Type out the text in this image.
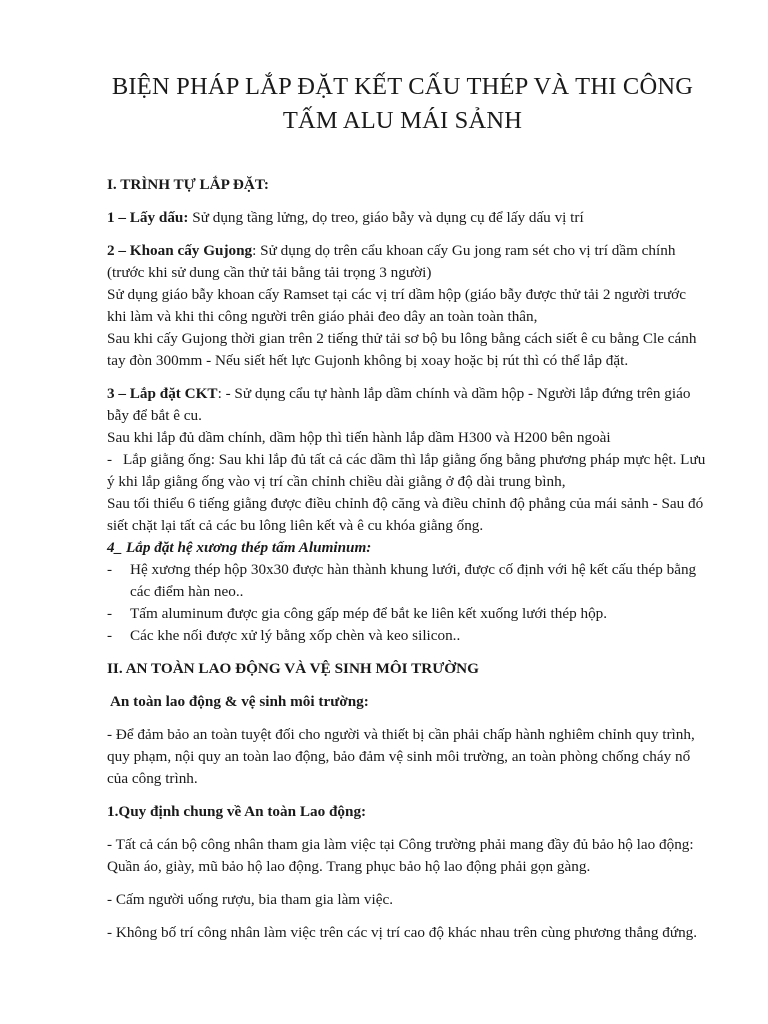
BIỆN PHÁP LẮP ĐẶT KẾT CẤU THÉP VÀ THI CÔNG
TẤM ALU MÁI SẢNH

I. TRÌNH TỰ LẮP ĐẶT:

1 – Lấy dấu: Sử dụng tầng lửng, dọ treo, giáo bẫy và dụng cụ để lấy dấu vị trí

2 – Khoan cấy Gujong: Sử dụng dọ trên cẩu khoan cấy Gu jong ram sét cho vị trí dầm chính (trước khi sử dung cần thử tải bằng tải trọng 3 người)

Sử dụng giáo bẫy khoan cấy Ramset tại các vị trí dầm hộp (giáo bẫy được thử tải 2 người trước khi làm và khi thi công người trên giáo phải đeo dây an toàn toàn thân,

Sau khi cấy Gujong thời gian trên 2 tiếng thử tải sơ bộ bu lông bằng cách siết ê cu bằng Cle cánh tay đòn 300mm - Nếu siết hết lực Gujonh không bị xoay hoặc bị rút thì có thể lắp đặt.

3 – Lắp đặt CKT: - Sử dụng cẩu tự hành lắp dầm chính và dầm hộp - Người lắp đứng trên giáo bẫy để bắt ê cu.

Sau khi lắp đủ dầm chính, dầm hộp thì tiến hành lắp dầm H300 và H200 bên ngoài

- Lắp giằng ống: Sau khi lắp đủ tất cả các dầm thì lắp giằng ống bằng phương pháp mực hệt. Lưu ý khi lắp giằng ống vào vị trí cần chỉnh chiều dài giằng ở độ dài trung bình,

Sau tối thiểu 6 tiếng giằng được điều chỉnh độ căng và điều chỉnh độ phẳng của mái sảnh - Sau đó siết chặt lại tất cả các bu lông liên kết và ê cu khóa giằng ống.

4_ Lắp đặt hệ xương thép tấm Aluminum:

- Hệ xương thép hộp 30x30 được hàn thành khung lưới, được cố định với hệ kết cấu thép bằng các điểm hàn neo..
- Tấm aluminum được gia công gấp mép để bắt ke liên kết xuống lưới thép hộp.
- Các khe nối được xử lý bằng xốp chèn và keo silicon..

II. AN TOÀN LAO ĐỘNG VÀ VỆ SINH MÔI TRƯỜNG

An toàn lao động & vệ sinh môi trường:

- Để đảm bảo an toàn tuyệt đối cho người và thiết bị cần phải chấp hành nghiêm chỉnh quy trình, quy phạm, nội quy an toàn lao động, bảo đảm vệ sinh môi trường, an toàn phòng chống cháy nổ của công trình.

1.Quy định chung về An toàn Lao động:

- Tất cả cán bộ công nhân tham gia làm việc tại Công trường phải mang đầy đủ bảo hộ lao động: Quần áo, giày, mũ bảo hộ lao động. Trang phục bảo hộ lao động phải gọn gàng.

- Cấm người uống rượu, bia tham gia làm việc.

- Không bố trí công nhân làm việc trên các vị trí cao độ khác nhau trên cùng phương thẳng đứng.
